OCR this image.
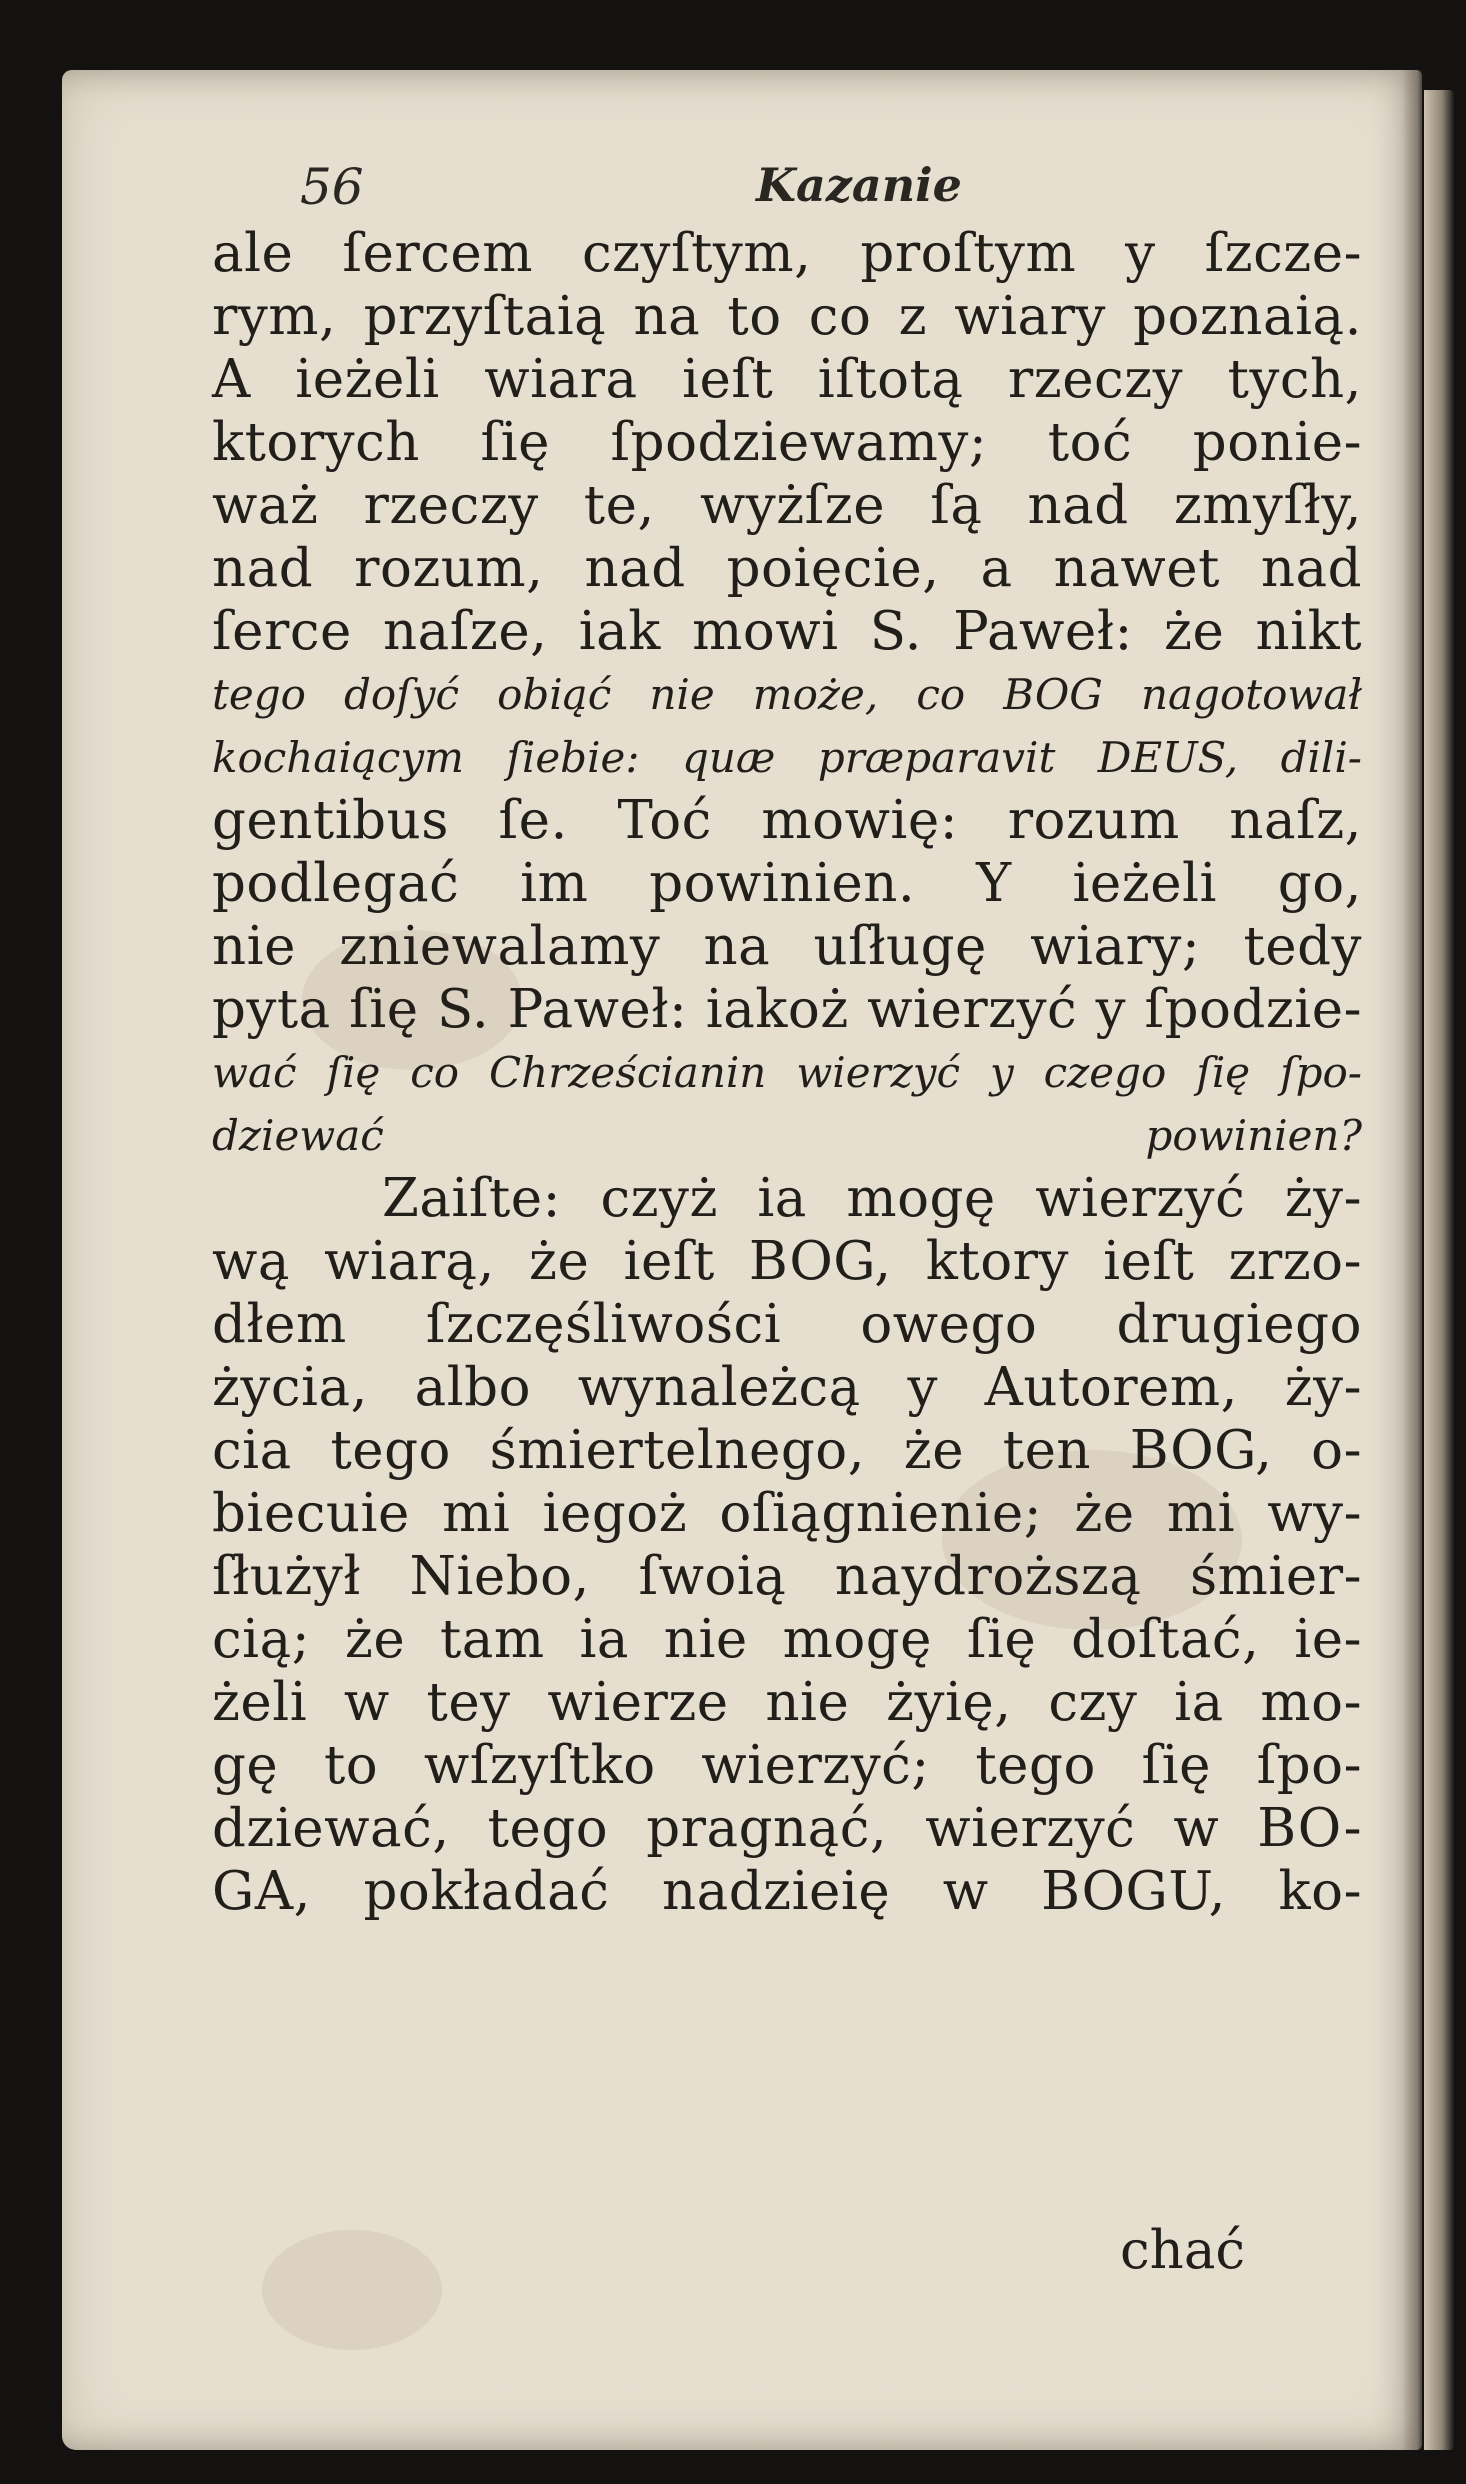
56	Kazanie
ale ſercem czyſtym, proſtym y ſzcze-
rym, przyſtaią na to co z wiary poznaią.
A ieżeli wiara ieſt iſtotą rzeczy tych,
ktorych ſię ſpodziewamy; toć ponie-
waż rzeczy te, wyżſze ſą nad zmyſły,
nad rozum, nad poięcie, a nawet nad
ſerce naſze, iak mowi S. Paweł: że nikt
tego doſyć obiąć nie może, co BOG nagotował
kochaiącym ſiebie: quæ præparavit DEUS, dili-
gentibus ſe. Toć mowię: rozum naſz,
podlegać im powinien. Y ieżeli go,
nie zniewalamy na uſługę wiary; tedy
pyta ſię S. Paweł: iakoż wierzyć y ſpodzie-
wać ſię co Chrześcianin wierzyć y czego ſię ſpo-
dziewać powinien?
Zaiſte: czyż ia mogę wierzyć ży-
wą wiarą, że ieſt BOG, ktory ieſt zrzo-
dłem ſzczęśliwości owego drugiego
życia, albo wynależcą y Autorem, ży-
cia tego śmiertelnego, że ten BOG, o-
biecuie mi iegoż oſiągnienie; że mi wy-
ſłużył Niebo, ſwoią naydroższą śmier-
cią; że tam ia nie mogę ſię doſtać, ie-
żeli w tey wierze nie żyię, czy ia mo-
gę to wſzyſtko wierzyć; tego ſię ſpo-
dziewać, tego pragnąć, wierzyć w BO-
GA, pokładać nadzieię w BOGU, ko-
chać
